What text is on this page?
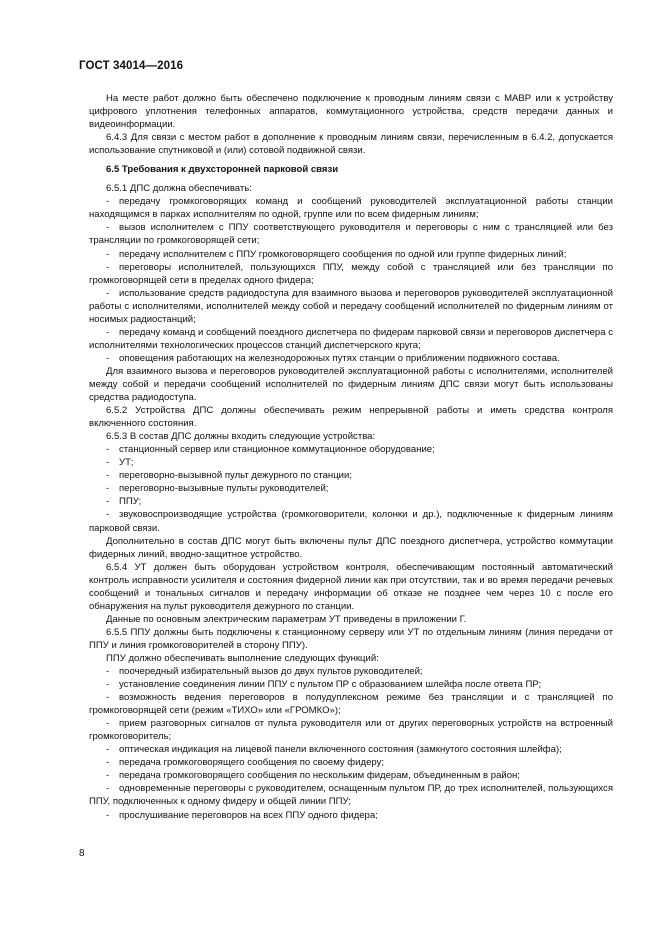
ГОСТ 34014—2016

На месте работ должно быть обеспечено подключение к проводным линиям связи с МАВР или к устройству цифрового уплотнения телефонных аппаратов, коммутационного устройства, средств передачи данных и видеоинформации.

6.4.3 Для связи с местом работ в дополнение к проводным линиям связи, перечисленным в 6.4.2, допускается использование спутниковой и (или) сотовой подвижной связи.

6.5 Требования к двухсторонней парковой связи

6.5.1 ДПС должна обеспечивать:

- передачу громкоговорящих команд и сообщений руководителей эксплуатационной работы станции находящимся в парках исполнителям по одной, группе или по всем фидерным линиям;

- вызов исполнителем с ППУ соответствующего руководителя и переговоры с ним с трансляцией или без трансляции по громкоговорящей сети;

- передачу исполнителем с ППУ громкоговорящего сообщения по одной или группе фидерных линий;

- переговоры исполнителей, пользующихся ППУ, между собой с трансляцией или без трансляции по громкоговорящей сети в пределах одного фидера;

- использование средств радиодоступа для взаимного вызова и переговоров руководителей эксплуатационной работы с исполнителями, исполнителей между собой и передачу сообщений исполнителей по фидерным линиям от носимых радиостанций;

- передачу команд и сообщений поездного диспетчера по фидерам парковой связи и переговоров диспетчера с исполнителями технологических процессов станций диспетчерского круга;

- оповещения работающих на железнодорожных путях станции о приближении подвижного состава.

Для взаимного вызова и переговоров руководителей эксплуатационной работы с исполнителями, исполнителей между собой и передачи сообщений исполнителей по фидерным линиям ДПС связи могут быть использованы средства радиодоступа.

6.5.2 Устройства ДПС должны обеспечивать режим непрерывной работы и иметь средства контроля включенного состояния.

6.5.3 В состав ДПС должны входить следующие устройства:

- станционный сервер или станционное коммутационное оборудование;

- УТ;

- переговорно-вызывной пульт дежурного по станции;

- переговорно-вызывные пульты руководителей;

- ППУ;

- звуковоспроизводящие устройства (громкоговорители, колонки и др.), подключенные к фидерным линиям парковой связи.

Дополнительно в состав ДПС могут быть включены пульт ДПС поездного диспетчера, устройство коммутации фидерных линий, вводно-защитное устройство.

6.5.4 УТ должен быть оборудован устройством контроля, обеспечивающим постоянный автоматический контроль исправности усилителя и состояния фидерной линии как при отсутствии, так и во время передачи речевых сообщений и тональных сигналов и передачу информации об отказе не позднее чем через 10 с после его обнаружения на пульт руководителя дежурного по станции.

Данные по основным электрическим параметрам УТ приведены в приложении Г.

6.5.5 ППУ должны быть подключены к станционному серверу или УТ по отдельным линиям (линия передачи от ППУ и линия громкоговорителей в сторону ППУ).

ППУ должно обеспечивать выполнение следующих функций:

- поочередный избирательный вызов до двух пультов руководителей;

- установление соединения линии ППУ с пультом ПР с образованием шлейфа после ответа ПР;

- возможность ведения переговоров в полудуплексном режиме без трансляции и с трансляцией по громкоговорящей сети (режим «ТИХО» или «ГРОМКО»);

- прием разговорных сигналов от пульта руководителя или от других переговорных устройств на встроенный громкоговоритель;

- оптическая индикация на лицевой панели включенного состояния (замкнутого состояния шлейфа);

- передача громкоговорящего сообщения по своему фидеру;

- передача громкоговорящего сообщения по нескольким фидерам, объединенным в район;

- одновременные переговоры с руководителем, оснащенным пультом ПР, до трех исполнителей, пользующихся ППУ, подключенных к одному фидеру и общей линии ППУ;

- прослушивание переговоров на всех ППУ одного фидера;

8
